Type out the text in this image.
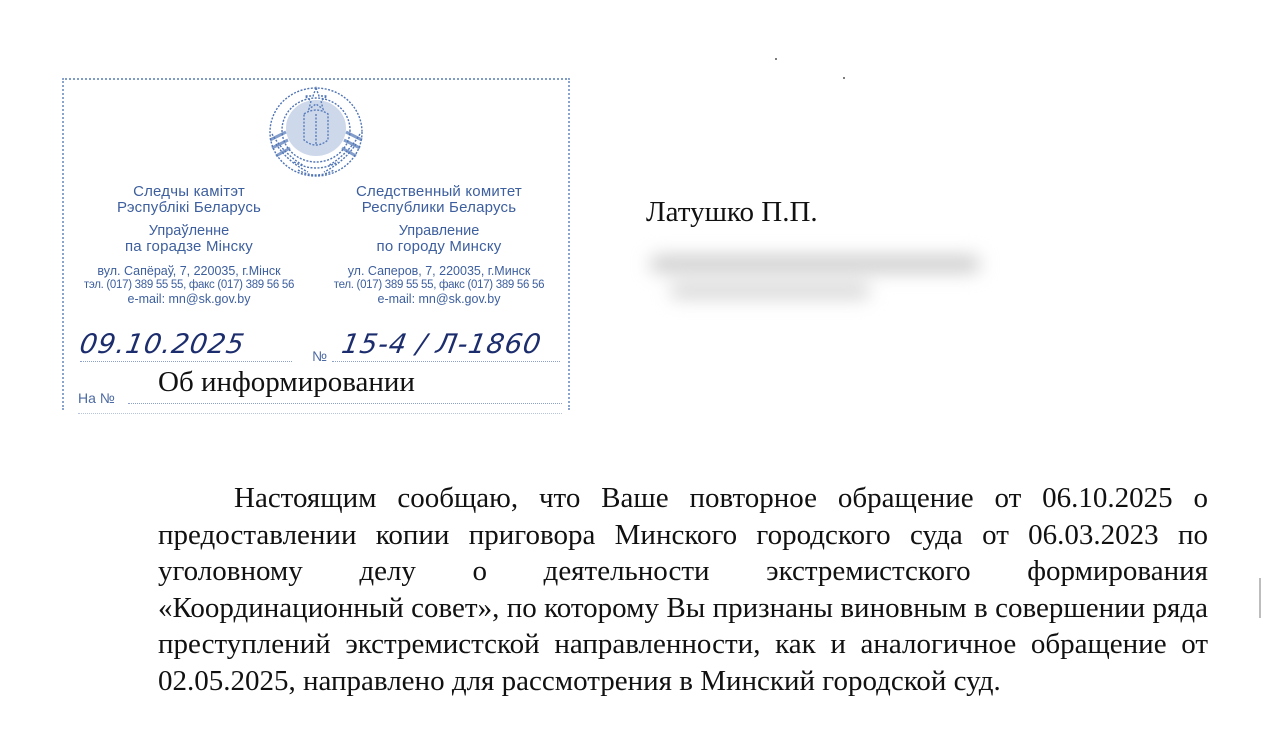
Следчы камітэт
Рэспублікі Беларусь
Упраўленне
па горадзе Мінску
вул. Сапёраў, 7, 220035, г.Мінск
тэл. (017) 389 55 55, факс (017) 389 56 56
e-mail: mn@sk.gov.by
Следственный комитет
Республики Беларусь
Управление
по городу Минску
ул. Саперов, 7, 220035, г.Минск
тел. (017) 389 55 55, факс (017) 389 56 56
e-mail: mn@sk.gov.by
09.10.2025	№ 15-4 / Л-1860
На № Об информировании
Латушко П.П.
Настоящим сообщаю, что Ваше повторное обращение от 06.10.2025 о предоставлении копии приговора Минского городского суда от 06.03.2023 по уголовному делу о деятельности экстремистского формирования «Координационный совет», по которому Вы признаны виновным в совершении ряда преступлений экстремистской направленности, как и аналогичное обращение от 02.05.2025, направлено для рассмотрения в Минский городской суд.
